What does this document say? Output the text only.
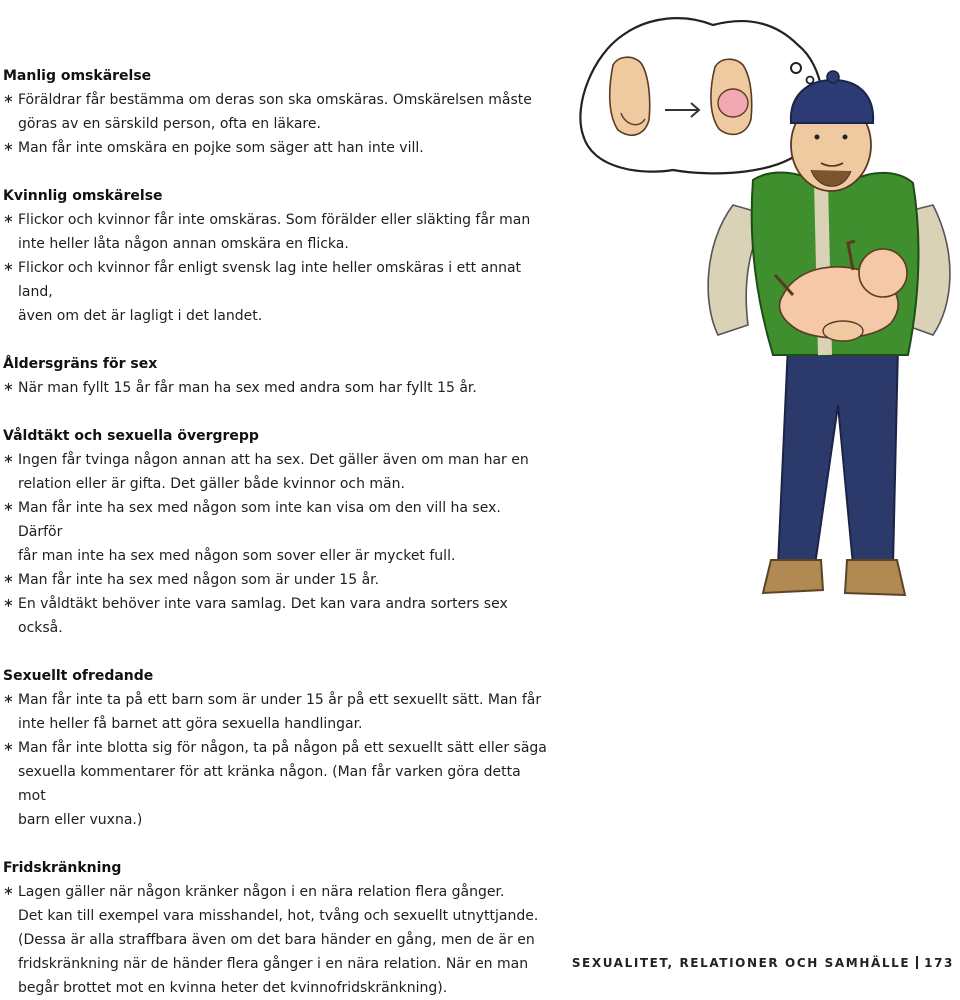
Manlig omskärelse
∗ Föräldrar får bestämma om deras son ska omskäras. Omskärelsen måste
göras av en särskild person, ofta en läkare.
∗ Man får inte omskära en pojke som säger att han inte vill.
Kvinnlig omskärelse
∗ Flickor och kvinnor får inte omskäras. Som förälder eller släkting får man
inte heller låta någon annan omskära en flicka.
∗ Flickor och kvinnor får enligt svensk lag inte heller omskäras i ett annat land,
även om det är lagligt i det landet.
Åldersgräns för sex
∗ När man fyllt 15 år får man ha sex med andra som har fyllt 15 år.
Våldtäkt och sexuella övergrepp
∗ Ingen får tvinga någon annan att ha sex. Det gäller även om man har en
relation eller är gifta. Det gäller både kvinnor och män.
∗ Man får inte ha sex med någon som inte kan visa om den vill ha sex. Därför
får man inte ha sex med någon som sover eller är mycket full.
∗ Man får inte ha sex med någon som är under 15 år.
∗ En våldtäkt behöver inte vara samlag. Det kan vara andra sorters sex också.
Sexuellt ofredande
∗ Man får inte ta på ett barn som är under 15 år på ett sexuellt sätt. Man får
inte heller få barnet att göra sexuella handlingar.
∗ Man får inte blotta sig för någon, ta på någon på ett sexuellt sätt eller säga
sexuella kommentarer för att kränka någon. (Man får varken göra detta mot
barn eller vuxna.)
Fridskränkning
∗ Lagen gäller när någon kränker någon i en nära relation flera gånger.
Det kan till exempel vara misshandel, hot, tvång och sexuellt utnyttjande.
(Dessa är alla straffbara även om det bara händer en gång, men de är en
fridskränkning när de händer flera gånger i en nära relation. När en man
begår brottet mot en kvinna heter det kvinnofridskränkning).
SEXUALITET, RELATIONER OCH SAMHÄLLE 173
